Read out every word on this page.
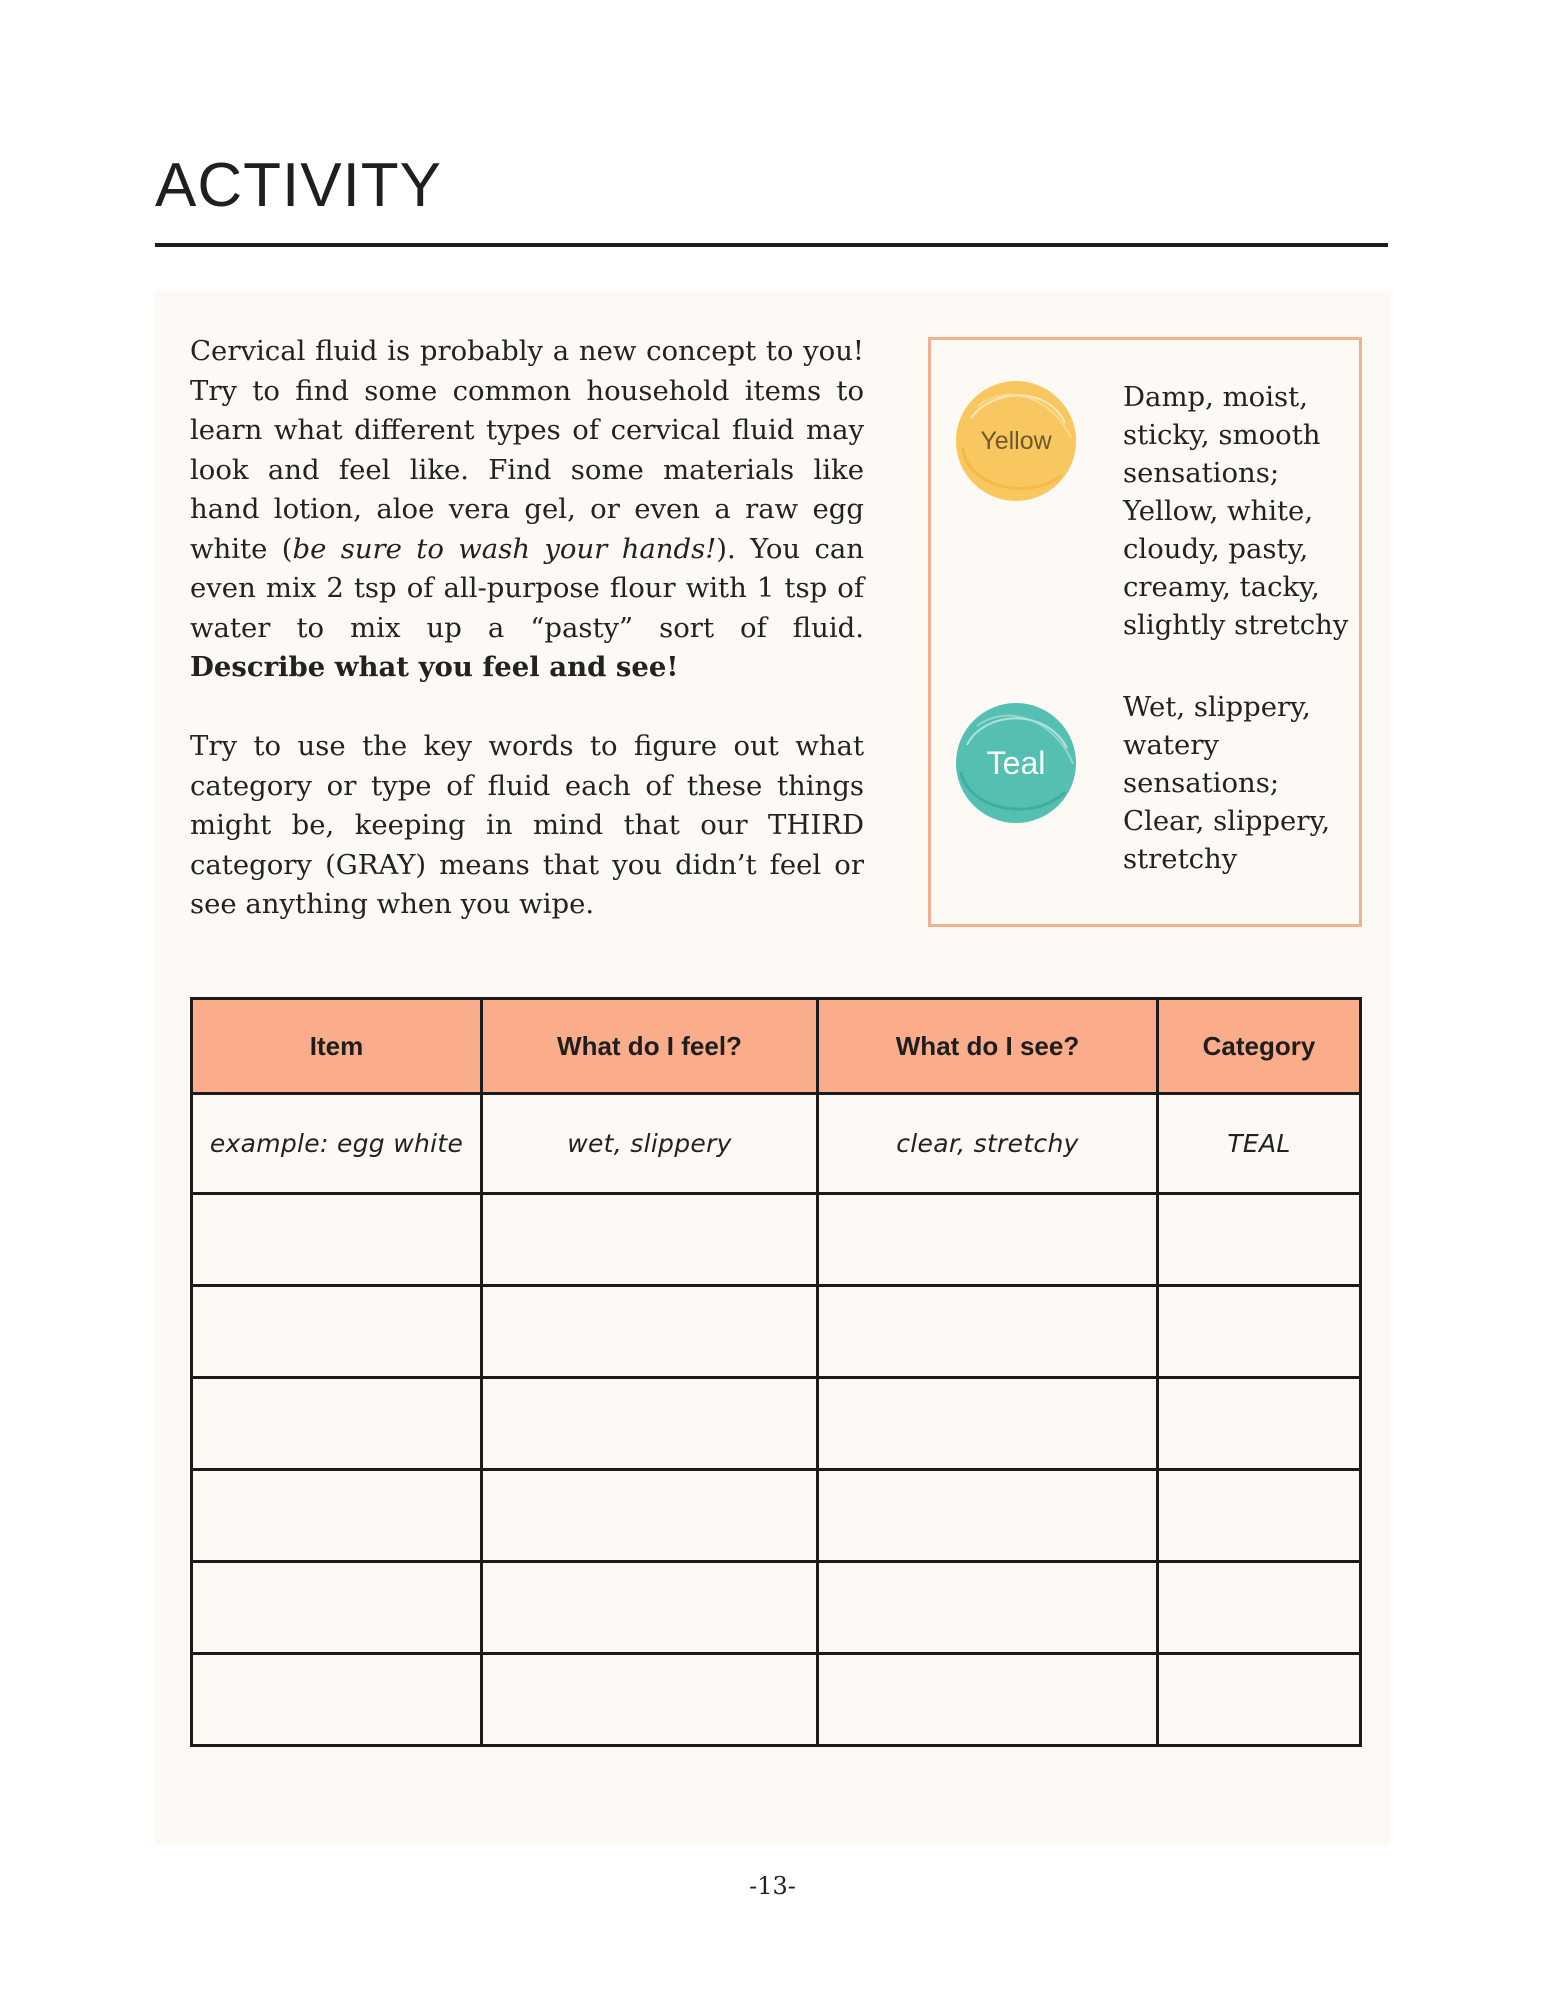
ACTIVITY

Cervical fluid is probably a new concept to you! Try to find some common household items to learn what different types of cervical fluid may look and feel like. Find some materials like hand lotion, aloe vera gel, or even a raw egg white (be sure to wash your hands!). You can even mix 2 tsp of all-purpose flour with 1 tsp of water to mix up a “pasty” sort of fluid. Describe what you feel and see!

Try to use the key words to figure out what category or type of fluid each of these things might be, keeping in mind that our THIRD category (GRAY) means that you didn’t feel or see anything when you wipe.

Yellow
Damp, moist,
sticky, smooth
sensations;
Yellow, white,
cloudy, pasty,
creamy, tacky,
slightly stretchy
Teal
Wet, slippery,
watery
sensations;
Clear, slippery,
stretchy
Item	What do I feel?	What do I see?	Category
example: egg white	wet, slippery	clear, stretchy	TEAL

-13-
